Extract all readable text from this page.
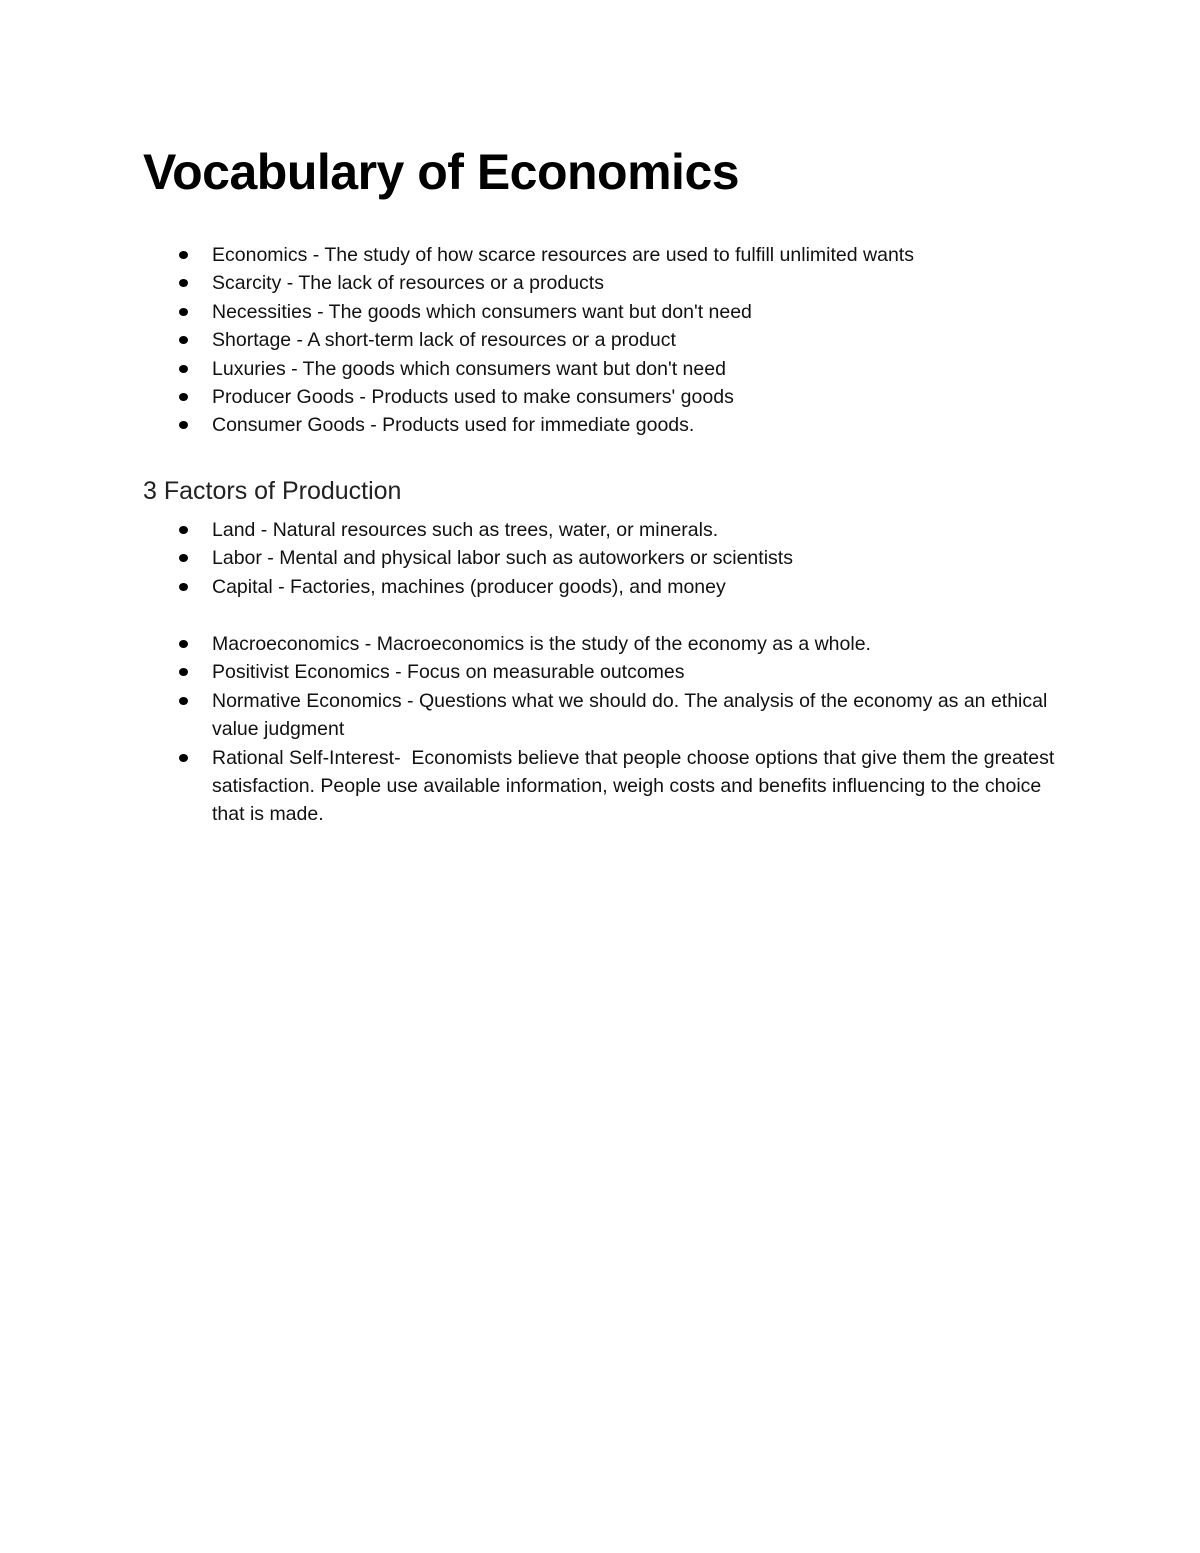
Vocabulary of Economics
Economics - The study of how scarce resources are used to fulfill unlimited wants
Scarcity - The lack of resources or a products
Necessities - The goods which consumers want but don't need
Shortage - A short-term lack of resources or a product
Luxuries - The goods which consumers want but don't need
Producer Goods - Products used to make consumers' goods
Consumer Goods - Products used for immediate goods.
3 Factors of Production
Land - Natural resources such as trees, water, or minerals.
Labor - Mental and physical labor such as autoworkers or scientists
Capital - Factories, machines (producer goods), and money
Macroeconomics - Macroeconomics is the study of the economy as a whole.
Positivist Economics - Focus on measurable outcomes
Normative Economics - Questions what we should do. The analysis of the economy as an ethical value judgment
Rational Self-Interest-  Economists believe that people choose options that give them the greatest satisfaction. People use available information, weigh costs and benefits influencing to the choice that is made.
